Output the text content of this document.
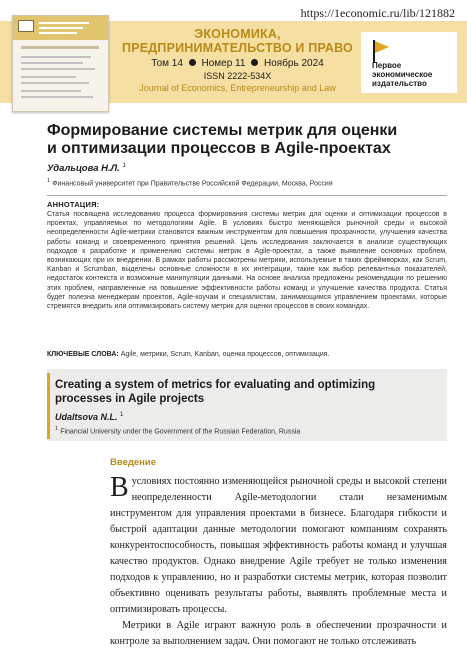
https://1economic.ru/lib/121882
ЭКОНОМИКА,
ПРЕДПРИНИМАТЕЛЬСТВО И ПРАВО
Том 14 Номер 11 Ноябрь 2024
ISSN 2222-534X
Journal of Economics, Entrepreneurship and Law
Первое
экономическое
издательство
Формирование системы метрик для оценки
и оптимизации процессов в Agile-проектах
Удальцова Н.Л. $^1$
$^1$ Финансовый университет при Правительстве Российской Федерации, Москва, Россия
АННОТАЦИЯ:
Статья посвящена исследованию процесса формирования системы метрик для оценки и оптимизации процессов в проектах, управляемых по методологиям Agile. В условиях быстро меняющейся рыночной среды и высокой неопределенности Agile-метрики становятся важным инструментом для повышения прозрачности, улучшения качества работы команд и своевременного принятия решений. Цель исследования заключается в анализе существующих подходов к разработке и применению системы метрик в Agile-проектах, а также выявление основных проблем, возникающих при их внедрении. В рамках работы рассмотрены метрики, используемые в таких фреймворках, как Scrum, Kanban и Scrumban, выделены основные сложности в их интеграции, такие как выбор релевантных показателей, недостаток контекста и возможные манипуляции данными. На основе анализа предложены рекомендации по решению этих проблем, направленные на повышение эффективности работы команд и улучшение качества продукта. Статья будет полезна менеджерам проектов, Agile-коучам и специалистам, занимающимся управлением проектами, которые стремятся внедрить или оптимизировать систему метрик для оценки процессов в своих командах.
КЛЮЧЕВЫЕ СЛОВА: Agile, метрики, Scrum, Kanban, оценка процессов, оптимизация.
Creating a system of metrics for evaluating and optimizing
processes in Agile projects
Udaltsova N.L. $^1$
$^1$ Financial University under the Government of the Russian Federation, Russia
Введение

Вусловиях постоянно изменяющейся рыночной среды и высокой степени неопределенности Agile-методологии стали незаменимым инструментом для управления проектами в бизнесе. Благодаря гибкости и быстрой адаптации данные методологии помогают компаниям сохранять конкурентоспособность, повышая эффективность работы команд и улучшая качество продуктов. Однако внедрение Agile требует не только изменения подходов к управлению, но и разработки системы метрик, которая позволит объективно оценивать результаты работы, выявлять проблемные места и оптимизировать процессы.

Метрики в Agile играют важную роль в обеспечении прозрачности и контроле за выполнением задач. Они помогают не только отслеживать
